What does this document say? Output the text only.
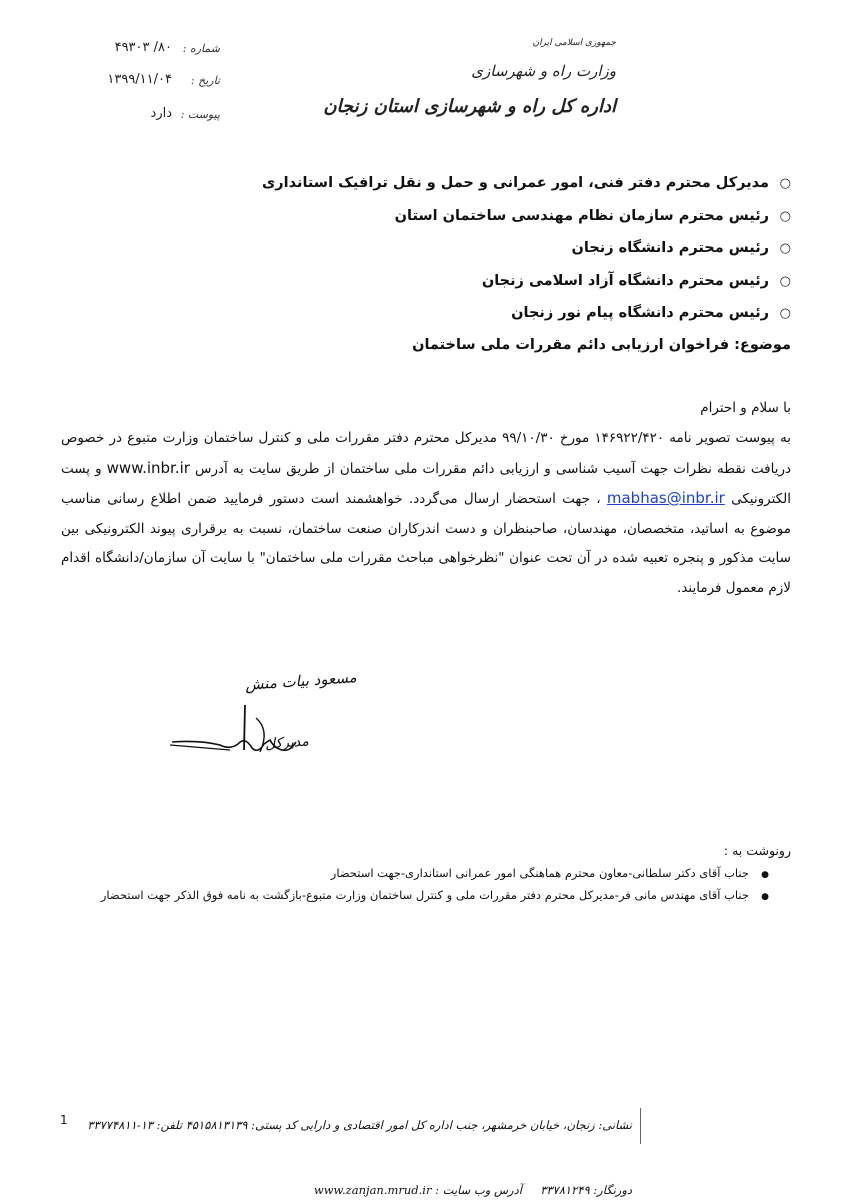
شماره :
۸۰/ ۴۹۳۰۳
تاریخ :
۱۳۹۹/۱۱/۰۴
پیوست :
دارد
جمهوری اسلامی ایران
وزارت راه و شهرسازی
اداره کل راه و شهرسازی استان زنجان
○مدیرکل محترم دفتر فنی، امور عمرانی و حمل و نقل ترافیک استانداری
○رئیس محترم سازمان نظام مهندسی ساختمان استان
○رئیس محترم دانشگاه زنجان
○رئیس محترم دانشگاه آزاد اسلامی زنجان
○رئیس محترم دانشگاه پیام نور زنجان
موضوع: فراخوان ارزیابی دائم مقررات ملی ساختمان
با سلام و احترام

به پیوست تصویر نامه ۱۴۶۹۲۲/۴۲۰ مورخ ۹۹/۱۰/۳۰ مدیرکل محترم دفتر مقررات ملی و کنترل ساختمان وزارت متبوع در خصوص دریافت نقطه نظرات جهت آسیب شناسی و ارزیابی دائم مقررات ملی ساختمان از طریق سایت به آدرس www.inbr.ir و پست الکترونیکی mabhas@inbr.ir ، جهت استحضار ارسال می‌گردد. خواهشمند است دستور فرمایید ضمن اطلاع رسانی مناسب موضوع به اساتید، متخصصان، مهندسان، صاحبنظران و دست اندرکاران صنعت ساختمان، نسبت به برقراری پیوند الکترونیکی بین سایت مذکور و پنجره تعبیه شده در آن تحت عنوان "نظرخواهی مباحث مقررات ملی ساختمان" با سایت آن سازمان/دانشگاه اقدام لازم معمول فرمایند.

مسعود بیات منش
مدیرکل
رونوشت به :
●جناب آقای دکتر سلطانی-معاون محترم هماهنگی امور عمرانی استانداری-جهت استحضار
●جناب آقای مهندس مانی فر-مدیرکل محترم دفتر مقررات ملی و کنترل ساختمان وزارت متبوع-بازگشت به نامه فوق الذکر جهت استحضار
1 نشانی: زنجان، خیابان خرمشهر، جنب اداره کل امور اقتصادی و دارایی کد پستی: ۴۵۱۵۸۱۳۱۳۹ تلفن: ۱۳-۳۳۷۷۴۸۱۱
دورنگار: ۳۳۷۸۱۲۴۹     آدرس وب سایت : www.zanjan.mrud.ir
